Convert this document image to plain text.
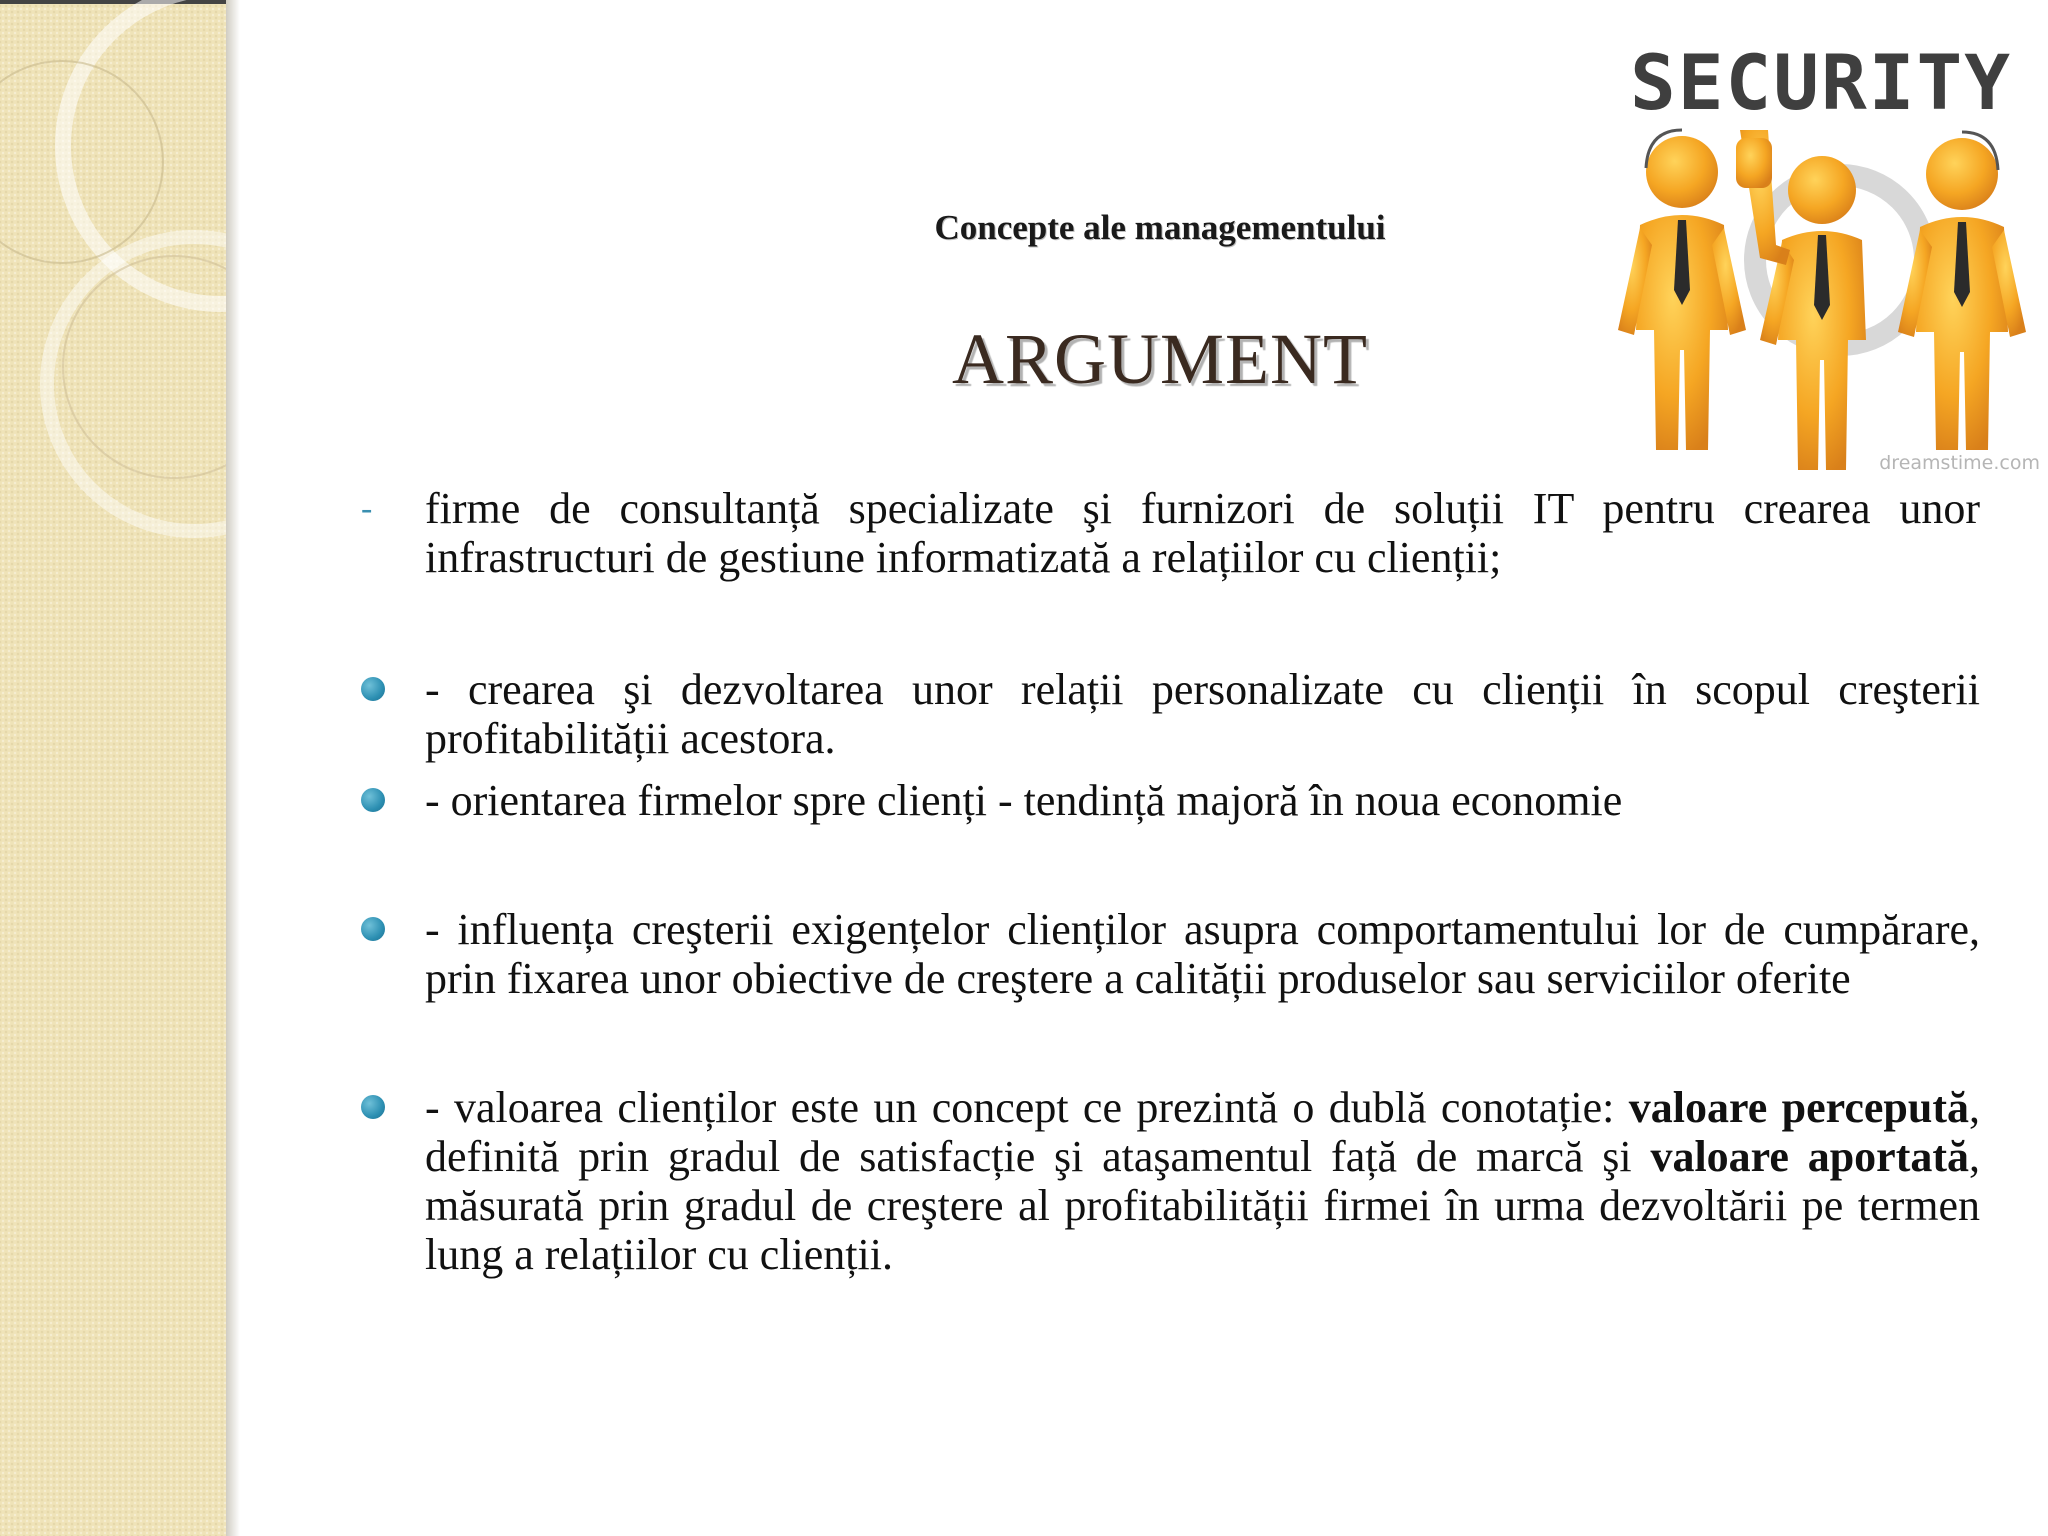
Concepte ale managementului
ARGUMENT
SECURITY
dreamstime.com
- firme de consultanță specializate şi furnizori de soluții IT pentru crearea unor infrastructuri de gestiune informatizată a relațiilor cu clienții;
- crearea şi dezvoltarea unor relații personalizate cu clienții în scopul creşterii profitabilității acestora.
- orientarea firmelor spre clienți - tendință majoră în noua economie
- influența creşterii exigențelor clienților asupra comportamentului lor de cumpărare, prin fixarea unor obiective de creştere a calității produselor sau serviciilor oferite
- valoarea clienților este un concept ce prezintă o dublă conotație: valoare percepută, definită prin gradul de satisfacție şi ataşamentul față de marcă şi valoare aportată, măsurată prin gradul de creştere al profitabilității firmei în urma dezvoltării pe termen lung a relațiilor cu clienții.
